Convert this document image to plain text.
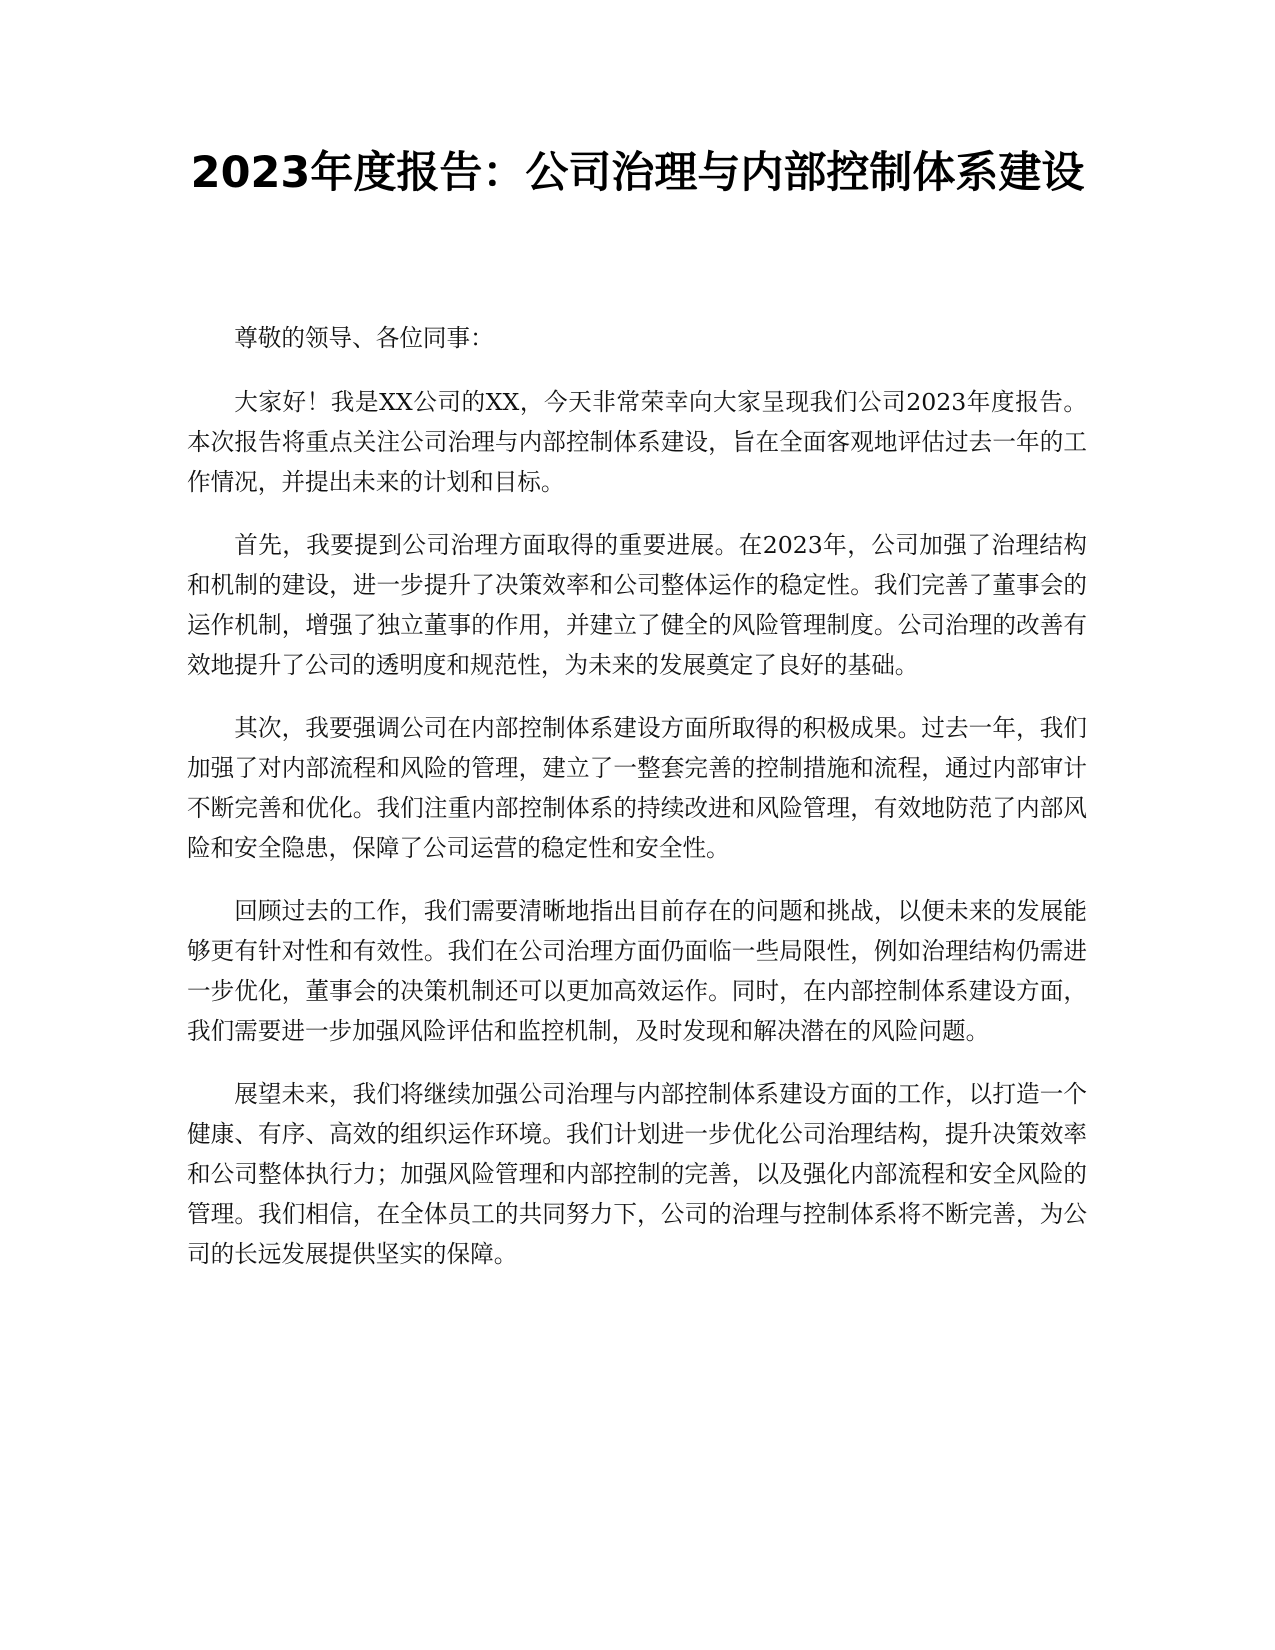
2023年度报告：公司治理与内部控制体系建设

尊敬的领导、各位同事：

大家好！我是XX公司的XX，今天非常荣幸向大家呈现我们公司2023年度报告。本次报告将重点关注公司治理与内部控制体系建设，旨在全面客观地评估过去一年的工作情况，并提出未来的计划和目标。

首先，我要提到公司治理方面取得的重要进展。在2023年，公司加强了治理结构和机制的建设，进一步提升了决策效率和公司整体运作的稳定性。我们完善了董事会的运作机制，增强了独立董事的作用，并建立了健全的风险管理制度。公司治理的改善有效地提升了公司的透明度和规范性，为未来的发展奠定了良好的基础。

其次，我要强调公司在内部控制体系建设方面所取得的积极成果。过去一年，我们加强了对内部流程和风险的管理，建立了一整套完善的控制措施和流程，通过内部审计不断完善和优化。我们注重内部控制体系的持续改进和风险管理，有效地防范了内部风险和安全隐患，保障了公司运营的稳定性和安全性。

回顾过去的工作，我们需要清晰地指出目前存在的问题和挑战，以便未来的发展能够更有针对性和有效性。我们在公司治理方面仍面临一些局限性，例如治理结构仍需进一步优化，董事会的决策机制还可以更加高效运作。同时，在内部控制体系建设方面，我们需要进一步加强风险评估和监控机制，及时发现和解决潜在的风险问题。

展望未来，我们将继续加强公司治理与内部控制体系建设方面的工作，以打造一个健康、有序、高效的组织运作环境。我们计划进一步优化公司治理结构，提升决策效率和公司整体执行力；加强风险管理和内部控制的完善，以及强化内部流程和安全风险的管理。我们相信，在全体员工的共同努力下，公司的治理与控制体系将不断完善，为公司的长远发展提供坚实的保障。
